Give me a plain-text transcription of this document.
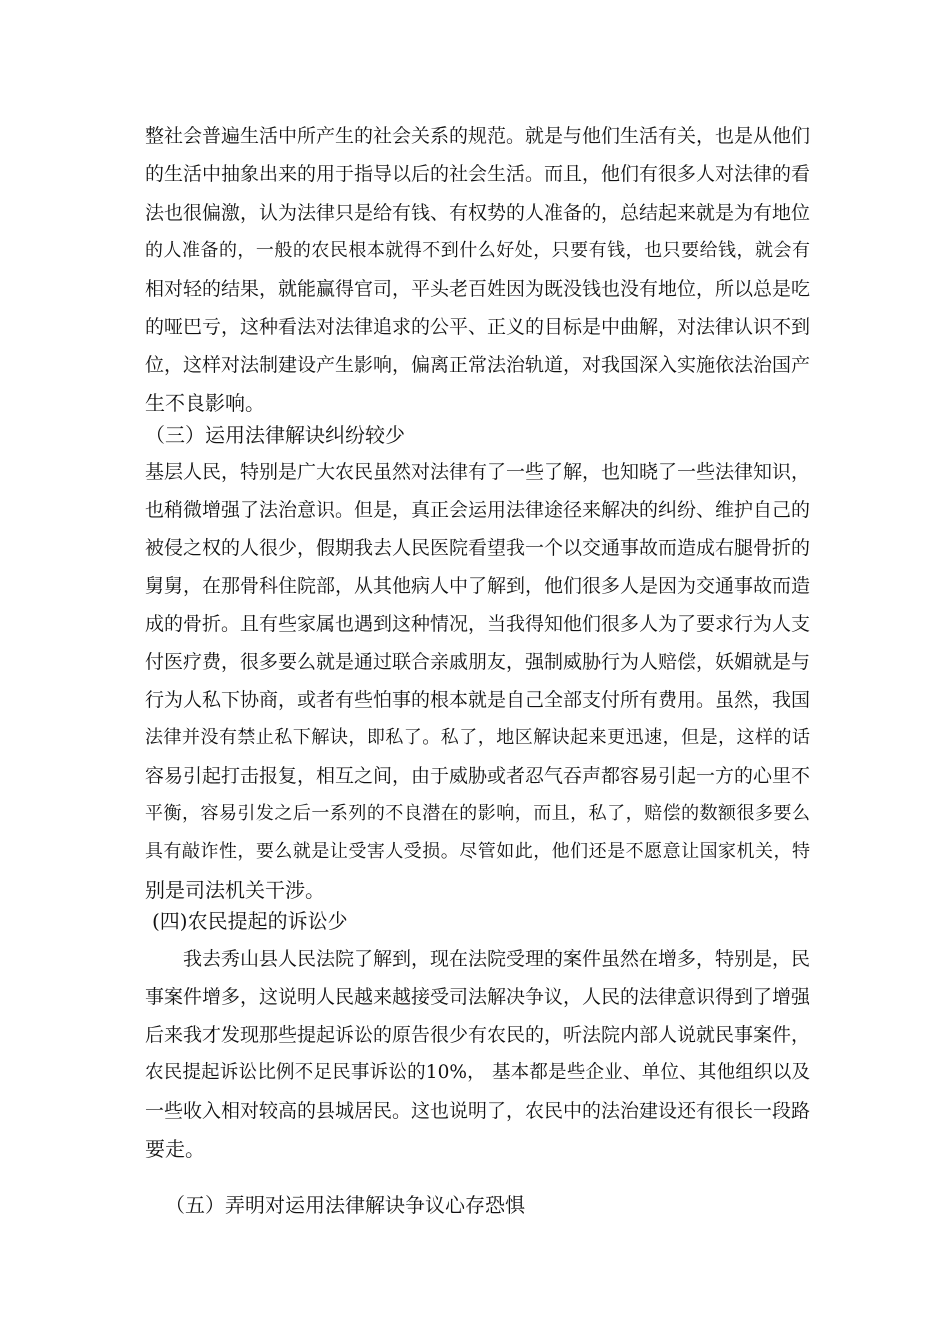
整社会普遍生活中所产生的社会关系的规范。就是与他们生活有关，也是从他们
的生活中抽象出来的用于指导以后的社会生活。而且，他们有很多人对法律的看
法也很偏激，认为法律只是给有钱、有权势的人准备的，总结起来就是为有地位
的人准备的，一般的农民根本就得不到什么好处，只要有钱，也只要给钱，就会有
相对轻的结果，就能赢得官司，平头老百姓因为既没钱也没有地位，所以总是吃
的哑巴亏，这种看法对法律追求的公平、正义的目标是中曲解，对法律认识不到
位，这样对法制建设产生影响，偏离正常法治轨道，对我国深入实施依法治国产
生不良影响。
（三）运用法律解诀纠纷较少
基层人民，特别是广大农民虽然对法律有了一些了解，也知晓了一些法律知识，
也稍微增强了法治意识。但是，真正会运用法律途径来解决的纠纷、维护自己的
被侵之权的人很少，假期我去人民医院看望我一个以交通事故而造成右腿骨折的
舅舅，在那骨科住院部，从其他病人中了解到，他们很多人是因为交通事故而造
成的骨折。且有些家属也遇到这种情况，当我得知他们很多人为了要求行为人支
付医疗费，很多要么就是通过联合亲戚朋友，强制威胁行为人赔偿，妖媚就是与
行为人私下协商，或者有些怕事的根本就是自己全部支付所有费用。虽然，我国
法律并没有禁止私下解诀，即私了。私了，地区解诀起来更迅速，但是，这样的话
容易引起打击报复，相互之间，由于威胁或者忍气吞声都容易引起一方的心里不
平衡，容易引发之后一系列的不良潜在的影响，而且，私了，赔偿的数额很多要么
具有敲诈性，要么就是让受害人受损。尽管如此，他们还是不愿意让国家机关，特
别是司法机关干涉。
(四)农民提起的诉讼少
我去秀山县人民法院了解到，现在法院受理的案件虽然在增多，特别是，民
事案件增多，这说明人民越来越接受司法解决争议，人民的法律意识得到了增强
后来我才发现那些提起诉讼的原告很少有农民的，听法院内部人说就民事案件，
农民提起诉讼比例不足民事诉讼的10%， 基本都是些企业、单位、其他组织以及
一些收入相对较高的县城居民。这也说明了，农民中的法治建设还有很长一段路
要走。
（五）弄明对运用法律解诀争议心存恐惧
